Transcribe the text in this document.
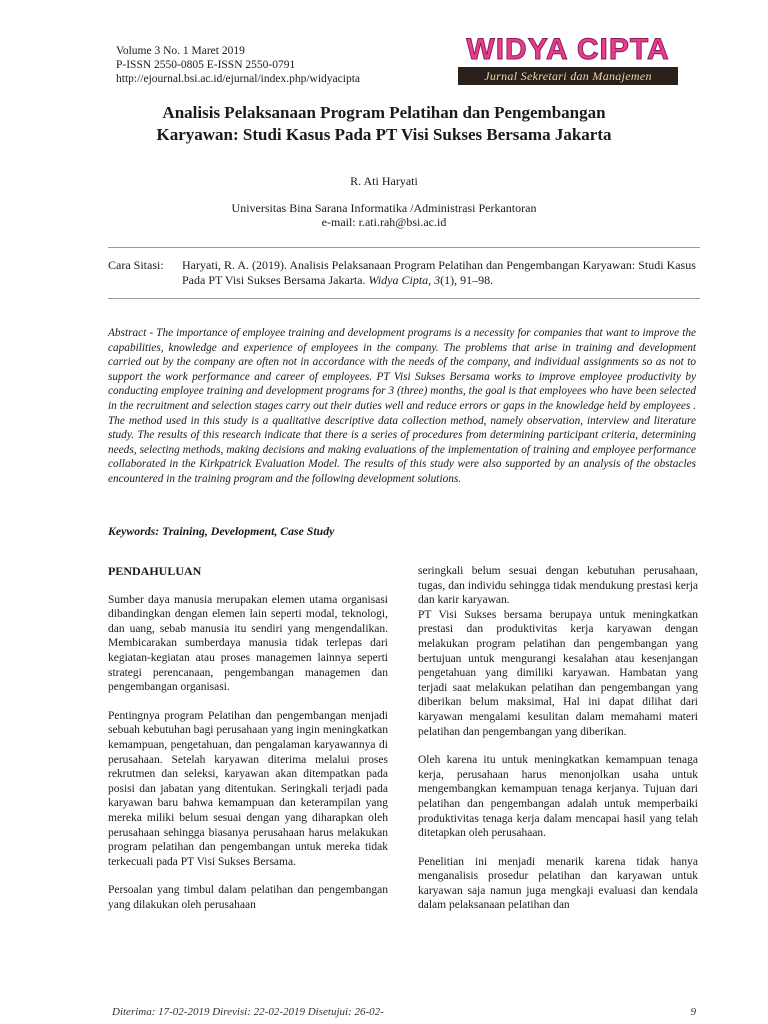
Volume 3 No. 1 Maret 2019
P-ISSN 2550-0805 E-ISSN 2550-0791
http://ejournal.bsi.ac.id/ejurnal/index.php/widyacipta
WIDYA CIPTA
Jurnal Sekretari dan Manajemen
Analisis Pelaksanaan Program Pelatihan dan Pengembangan
Karyawan: Studi Kasus Pada PT Visi Sukses Bersama Jakarta
R. Ati Haryati
Universitas Bina Sarana Informatika /Administrasi Perkantoran
e-mail: r.ati.rah@bsi.ac.id
Cara Sitasi: Haryati, R. A. (2019). Analisis Pelaksanaan Program Pelatihan dan Pengembangan Karyawan: Studi Kasus Pada PT Visi Sukses Bersama Jakarta. Widya Cipta, 3(1), 91–98.
Abstract - The importance of employee training and development programs is a necessity for companies that want to improve the capabilities, knowledge and experience of employees in the company. The problems that arise in training and development carried out by the company are often not in accordance with the needs of the company, and individual assignments so as not to support the work performance and career of employees. PT Visi Sukses Bersama works to improve employee productivity by conducting employee training and development programs for 3 (three) months, the goal is that employees who have been selected in the recruitment and selection stages carry out their duties well and reduce errors or gaps in the knowledge held by employees . The method used in this study is a qualitative descriptive data collection method, namely observation, interview and literature study. The results of this research indicate that there is a series of procedures from determining participant criteria, determining needs, selecting methods, making decisions and making evaluations of the implementation of training and employee performance collaborated in the Kirkpatrick Evaluation Model. The results of this study were also supported by an analysis of the obstacles encountered in the training program and the following development solutions.
Keywords: Training, Development, Case Study

PENDAHULUAN

Sumber daya manusia merupakan elemen utama organisasi dibandingkan dengan elemen lain seperti modal, teknologi, dan uang, sebab manusia itu sendiri yang mengendalikan. Membicarakan sumberdaya manusia tidak terlepas dari kegiatan-kegiatan atau proses managemen lainnya seperti strategi perencanaan, pengembangan managemen dan pengembangan organisasi.

Pentingnya program Pelatihan dan pengembangan menjadi sebuah kebutuhan bagi perusahaan yang ingin meningkatkan kemampuan, pengetahuan, dan pengalaman karyawannya di perusahaan. Setelah karyawan diterima melalui proses rekrutmen dan seleksi, karyawan akan ditempatkan pada posisi dan jabatan yang ditentukan. Seringkali terjadi pada karyawan baru bahwa kemampuan dan keterampilan yang mereka miliki belum sesuai dengan yang diharapkan oleh perusahaan sehingga biasanya perusahaan harus melakukan program pelatihan dan pengembangan untuk mereka tidak terkecuali pada PT Visi Sukses Bersama.

Persoalan yang timbul dalam pelatihan dan pengembangan yang dilakukan oleh perusahaan

seringkali belum sesuai dengan kebutuhan perusahaan, tugas, dan individu sehingga tidak mendukung prestasi kerja dan karir karyawan.

PT Visi Sukses bersama berupaya untuk meningkatkan prestasi dan produktivitas kerja karyawan dengan melakukan program pelatihan dan pengembangan yang bertujuan untuk mengurangi kesalahan atau kesenjangan pengetahuan yang dimiliki karyawan. Hambatan yang terjadi saat melakukan pelatihan dan pengembangan yang diberikan belum maksimal, Hal ini dapat dilihat dari karyawan mengalami kesulitan dalam memahami materi pelatihan dan pengembangan yang diberikan.

Oleh karena itu untuk meningkatkan kemampuan tenaga kerja, perusahaan harus menonjolkan usaha untuk mengembangkan kemampuan tenaga kerjanya. Tujuan dari pelatihan dan pengembangan adalah untuk memperbaiki produktivitas tenaga kerja dalam mencapai hasil yang telah ditetapkan oleh perusahaan.

Penelitian ini menjadi menarik karena tidak hanya menganalisis prosedur pelatihan dan karyawan untuk karyawan saja namun juga mengkaji evaluasi dan kendala dalam pelaksanaan pelatihan dan

Diterima: 17-02-2019 Direvisi: 22-02-2019 Disetujui: 26-02-	9
